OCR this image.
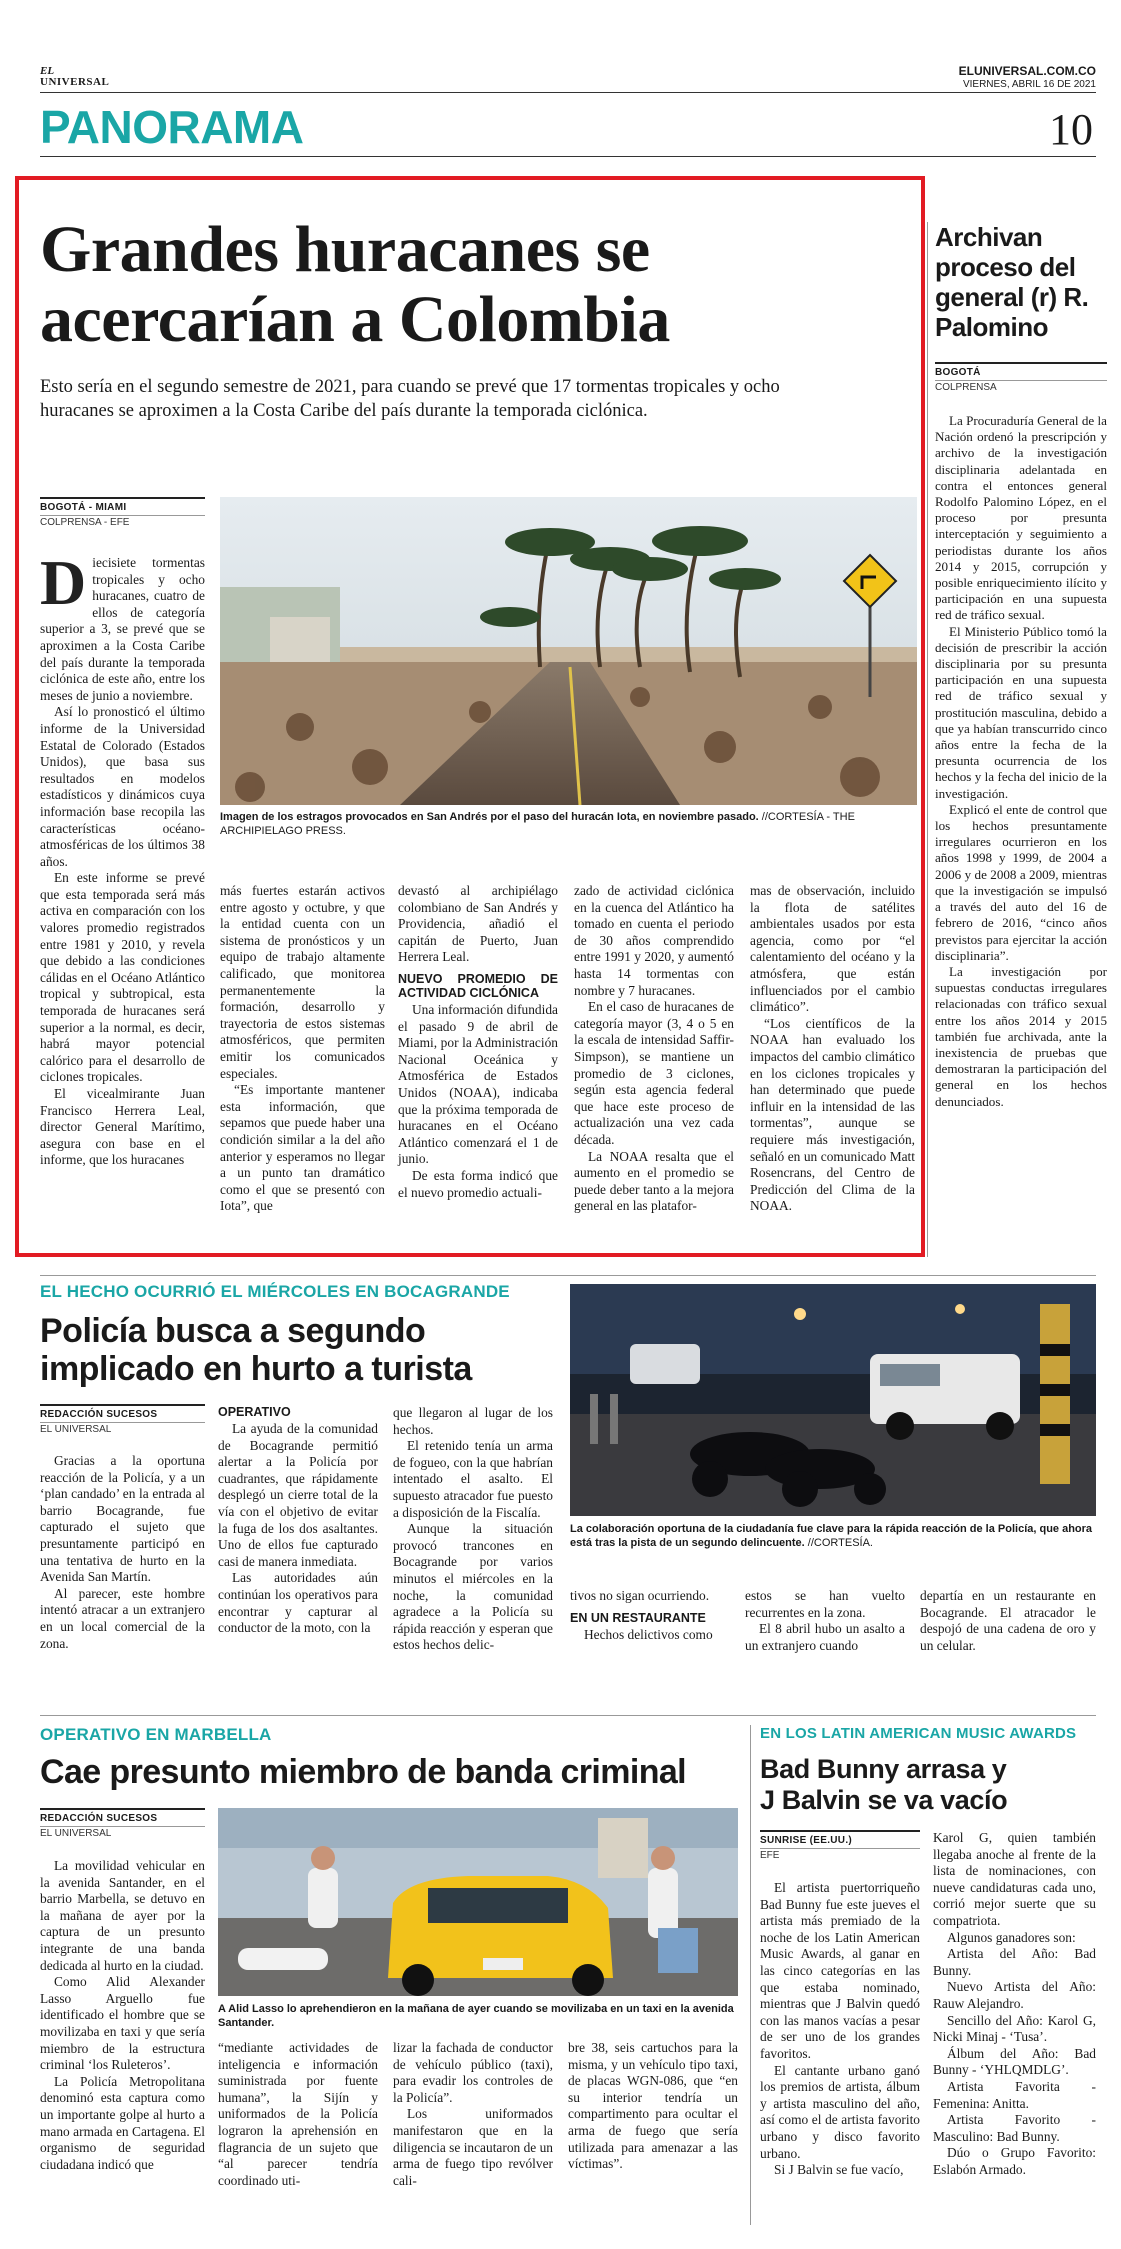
EL
UNIVERSAL
ELUNIVERSAL.COM.CO
VIERNES, ABRIL 16 DE 2021
PANORAMA	10
Grandes huracanes se
acercarían a Colombia
Esto sería en el segundo semestre de 2021, para cuando se prevé que 17 tormentas tropicales y ocho huracanes se aproximen a la Costa Caribe del país durante la temporada ciclónica.
BOGOTÁ - MIAMI
COLPRENSA - EFE

Diecisiete tormentas tropicales y ocho huracanes, cuatro de ellos de categoría superior a 3, se prevé que se aproximen a la Costa Caribe del país durante la temporada ciclónica de este año, entre los meses de junio a noviembre.

Así lo pronosticó el último informe de la Universidad Estatal de Colorado (Estados Unidos), que basa sus resultados en modelos estadísticos y dinámicos cuya información base recopila las características océano-atmosféricas de los últimos 38 años.

En este informe se prevé que esta temporada será más activa en comparación con los valores promedio registrados entre 1981 y 2010, y revela que debido a las condiciones cálidas en el Océano Atlántico tropical y subtropical, esta temporada de huracanes será superior a la normal, es decir, habrá mayor potencial calórico para el desarrollo de ciclones tropicales.

El vicealmirante Juan Francisco Herrera Leal, director General Marítimo, asegura con base en el informe, que los huracanes

Imagen de los estragos provocados en San Andrés por el paso del huracán Iota, en noviembre pasado. //CORTESÍA - THE ARCHIPIELAGO PRESS.

más fuertes estarán activos entre agosto y octubre, y que la entidad cuenta con un sistema de pronósticos y un equipo de trabajo altamente calificado, que monitorea permanentemente la formación, desarrollo y trayectoria de estos sistemas atmosféricos, que permiten emitir los comunicados especiales.

“Es importante mantener esta información, que sepamos que puede haber una condición similar a la del año anterior y esperamos no llegar a un punto tan dramático como el que se presentó con Iota”, que

devastó al archipiélago colombiano de San Andrés y Providencia, añadió el capitán de Puerto, Juan Herrera Leal.

NUEVO PROMEDIO DE ACTIVIDAD CICLÓNICA

Una información difundida el pasado 9 de abril de Miami, por la Administración Nacional Oceánica y Atmosférica de Estados Unidos (NOAA), indicaba que la próxima temporada de huracanes en el Océano Atlántico comenzará el 1 de junio.

De esta forma indicó que el nuevo promedio actuali-

zado de actividad ciclónica en la cuenca del Atlántico ha tomado en cuenta el periodo de 30 años comprendido entre 1991 y 2020, y aumentó hasta 14 tormentas con nombre y 7 huracanes.

En el caso de huracanes de categoría mayor (3, 4 o 5 en la escala de intensidad Saffir-Simpson), se mantiene un promedio de 3 ciclones, según esta agencia federal que hace este proceso de actualización una vez cada década.

La NOAA resalta que el aumento en el promedio se puede deber tanto a la mejora general en las platafor-

mas de observación, incluido la flota de satélites ambientales usados por esta agencia, como por “el calentamiento del océano y la atmósfera, que están influenciados por el cambio climático”.

“Los científicos de la NOAA han evaluado los impactos del cambio climático en los ciclones tropicales y han determinado que puede influir en la intensidad de las tormentas”, aunque se requiere más investigación, señaló en un comunicado Matt Rosencrans, del Centro de Predicción del Clima de la NOAA.

Archivan proceso del general (r) R. Palomino
BOGOTÁ
COLPRENSA

La Procuraduría General de la Nación ordenó la prescripción y archivo de la investigación disciplinaria adelantada en contra el entonces general Rodolfo Palomino López, en el proceso por presunta interceptación y seguimiento a periodistas durante los años 2014 y 2015, corrupción y posible enriquecimiento ilícito y participación en una supuesta red de tráfico sexual.

El Ministerio Público tomó la decisión de prescribir la acción disciplinaria por su presunta participación en una supuesta red de tráfico sexual y prostitución masculina, debido a que ya habían transcurrido cinco años entre la fecha de la presunta ocurrencia de los hechos y la fecha del inicio de la investigación.

Explicó el ente de control que los hechos presuntamente irregulares ocurrieron en los años 1998 y 1999, de 2004 a 2006 y de 2008 a 2009, mientras que la investigación se impulsó a través del auto del 16 de febrero de 2016, “cinco años previstos para ejercitar la acción disciplinaria”.

La investigación por supuestas conductas irregulares relacionadas con tráfico sexual entre los años 2014 y 2015 también fue archivada, ante la inexistencia de pruebas que demostraran la participación del general en los hechos denunciados.

EL HECHO OCURRIÓ EL MIÉRCOLES EN BOCAGRANDE
Policía busca a segundo
implicado en hurto a turista
REDACCIÓN SUCESOS
EL UNIVERSAL

Gracias a la oportuna reacción de la Policía, y a un ‘plan candado’ en la entrada al barrio Bocagrande, fue capturado el sujeto que presuntamente participó en una tentativa de hurto en la Avenida San Martín.

Al parecer, este hombre intentó atracar a un extranjero en un local comercial de la zona.

OPERATIVO

La ayuda de la comunidad de Bocagrande permitió alertar a la Policía por cuadrantes, que rápidamente desplegó un cierre total de la vía con el objetivo de evitar la fuga de los dos asaltantes. Uno de ellos fue capturado casi de manera inmediata.

Las autoridades aún continúan los operativos para encontrar y capturar al conductor de la moto, con la

que llegaron al lugar de los hechos.

El retenido tenía un arma de fogueo, con la que habrían intentado el asalto. El supuesto atracador fue puesto a disposición de la Fiscalía.

Aunque la situación provocó trancones en Bocagrande por varios minutos el miércoles en la noche, la comunidad agradece a la Policía su rápida reacción y esperan que estos hechos delic-

La colaboración oportuna de la ciudadanía fue clave para la rápida reacción de la Policía, que ahora está tras la pista de un segundo delincuente. //CORTESÍA.

tivos no sigan ocurriendo.

EN UN RESTAURANTE

Hechos delictivos como

estos se han vuelto recurrentes en la zona.

El 8 abril hubo un asalto a un extranjero cuando

departía en un restaurante en Bocagrande. El atracador le despojó de una cadena de oro y un celular.

OPERATIVO EN MARBELLA
Cae presunto miembro de banda criminal
REDACCIÓN SUCESOS
EL UNIVERSAL

La movilidad vehicular en la avenida Santander, en el barrio Marbella, se detuvo en la mañana de ayer por la captura de un presunto integrante de una banda dedicada al hurto en la ciudad.

Como Alid Alexander Lasso Arguello fue identificado el hombre que se movilizaba en taxi y que sería miembro de la estructura criminal ‘los Ruleteros’.

La Policía Metropolitana denominó esta captura como un importante golpe al hurto a mano armada en Cartagena. El organismo de seguridad ciudadana indicó que

A Alid Lasso lo aprehendieron en la mañana de ayer cuando se movilizaba en un taxi en la avenida Santander.

“mediante actividades de inteligencia e información suministrada por fuente humana”, la Sijín y uniformados de la Policía lograron la aprehensión en flagrancia de un sujeto que “al parecer tendría coordinado uti-

lizar la fachada de conductor de vehículo público (taxi), para evadir los controles de la Policía”.

Los uniformados manifestaron que en la diligencia se incautaron de un arma de fuego tipo revólver cali-

bre 38, seis cartuchos para la misma, y un vehículo tipo taxi, de placas WGN-086, que “en su interior tendría un compartimento para ocultar el arma de fuego que sería utilizada para amenazar a las víctimas”.

EN LOS LATIN AMERICAN MUSIC AWARDS
Bad Bunny arrasa y
J Balvin se va vacío
SUNRISE (EE.UU.)
EFE

El artista puertorriqueño Bad Bunny fue este jueves el artista más premiado de la noche de los Latin American Music Awards, al ganar en las cinco categorías en las que estaba nominado, mientras que J Balvin quedó con las manos vacías a pesar de ser uno de los grandes favoritos.

El cantante urbano ganó los premios de artista, álbum y artista masculino del año, así como el de artista favorito urbano y disco favorito urbano.

Si J Balvin se fue vacío,

Karol G, quien también llegaba anoche al frente de la lista de nominaciones, con nueve candidaturas cada uno, corrió mejor suerte que su compatriota.

Algunos ganadores son:

Artista del Año: Bad Bunny.

Nuevo Artista del Año: Rauw Alejandro.

Sencillo del Año: Karol G, Nicki Minaj - ‘Tusa’.

Álbum del Año: Bad Bunny - ‘YHLQMDLG’.

Artista Favorita - Femenina: Anitta.

Artista Favorito - Masculino: Bad Bunny.

Dúo o Grupo Favorito: Eslabón Armado.
